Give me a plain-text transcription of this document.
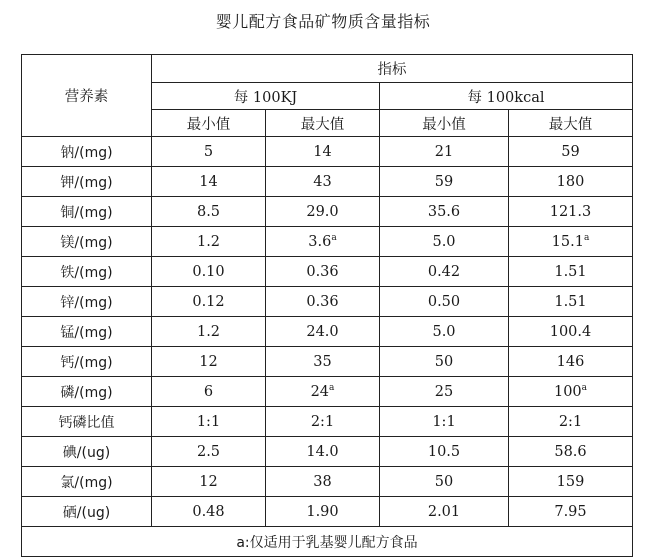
婴儿配方食品矿物质含量指标
营养素	指标			
	每 100KJ		每 100kcal	
	最小值	最大值	最小值	最大值
钠/(mg)	5	14	21	59
钾/(mg)	14	43	59	180
铜/(mg)	8.5	29.0	35.6	121.3
镁/(mg)	1.2	3.6$^a$	5.0	15.1$^a$
铁/(mg)	0.10	0.36	0.42	1.51
锌/(mg)	0.12	0.36	0.50	1.51
锰/(mg)	1.2	24.0	5.0	100.4
钙/(mg)	12	35	50	146
磷/(mg)	6	24$^a$	25	100$^a$
钙磷比值	1:1	2:1	1:1	2:1
碘/(ug)	2.5	14.0	10.5	58.6
氯/(mg)	12	38	50	159
硒/(ug)	0.48	1.90	2.01	7.95
a:仅适用于乳基婴儿配方食品				
